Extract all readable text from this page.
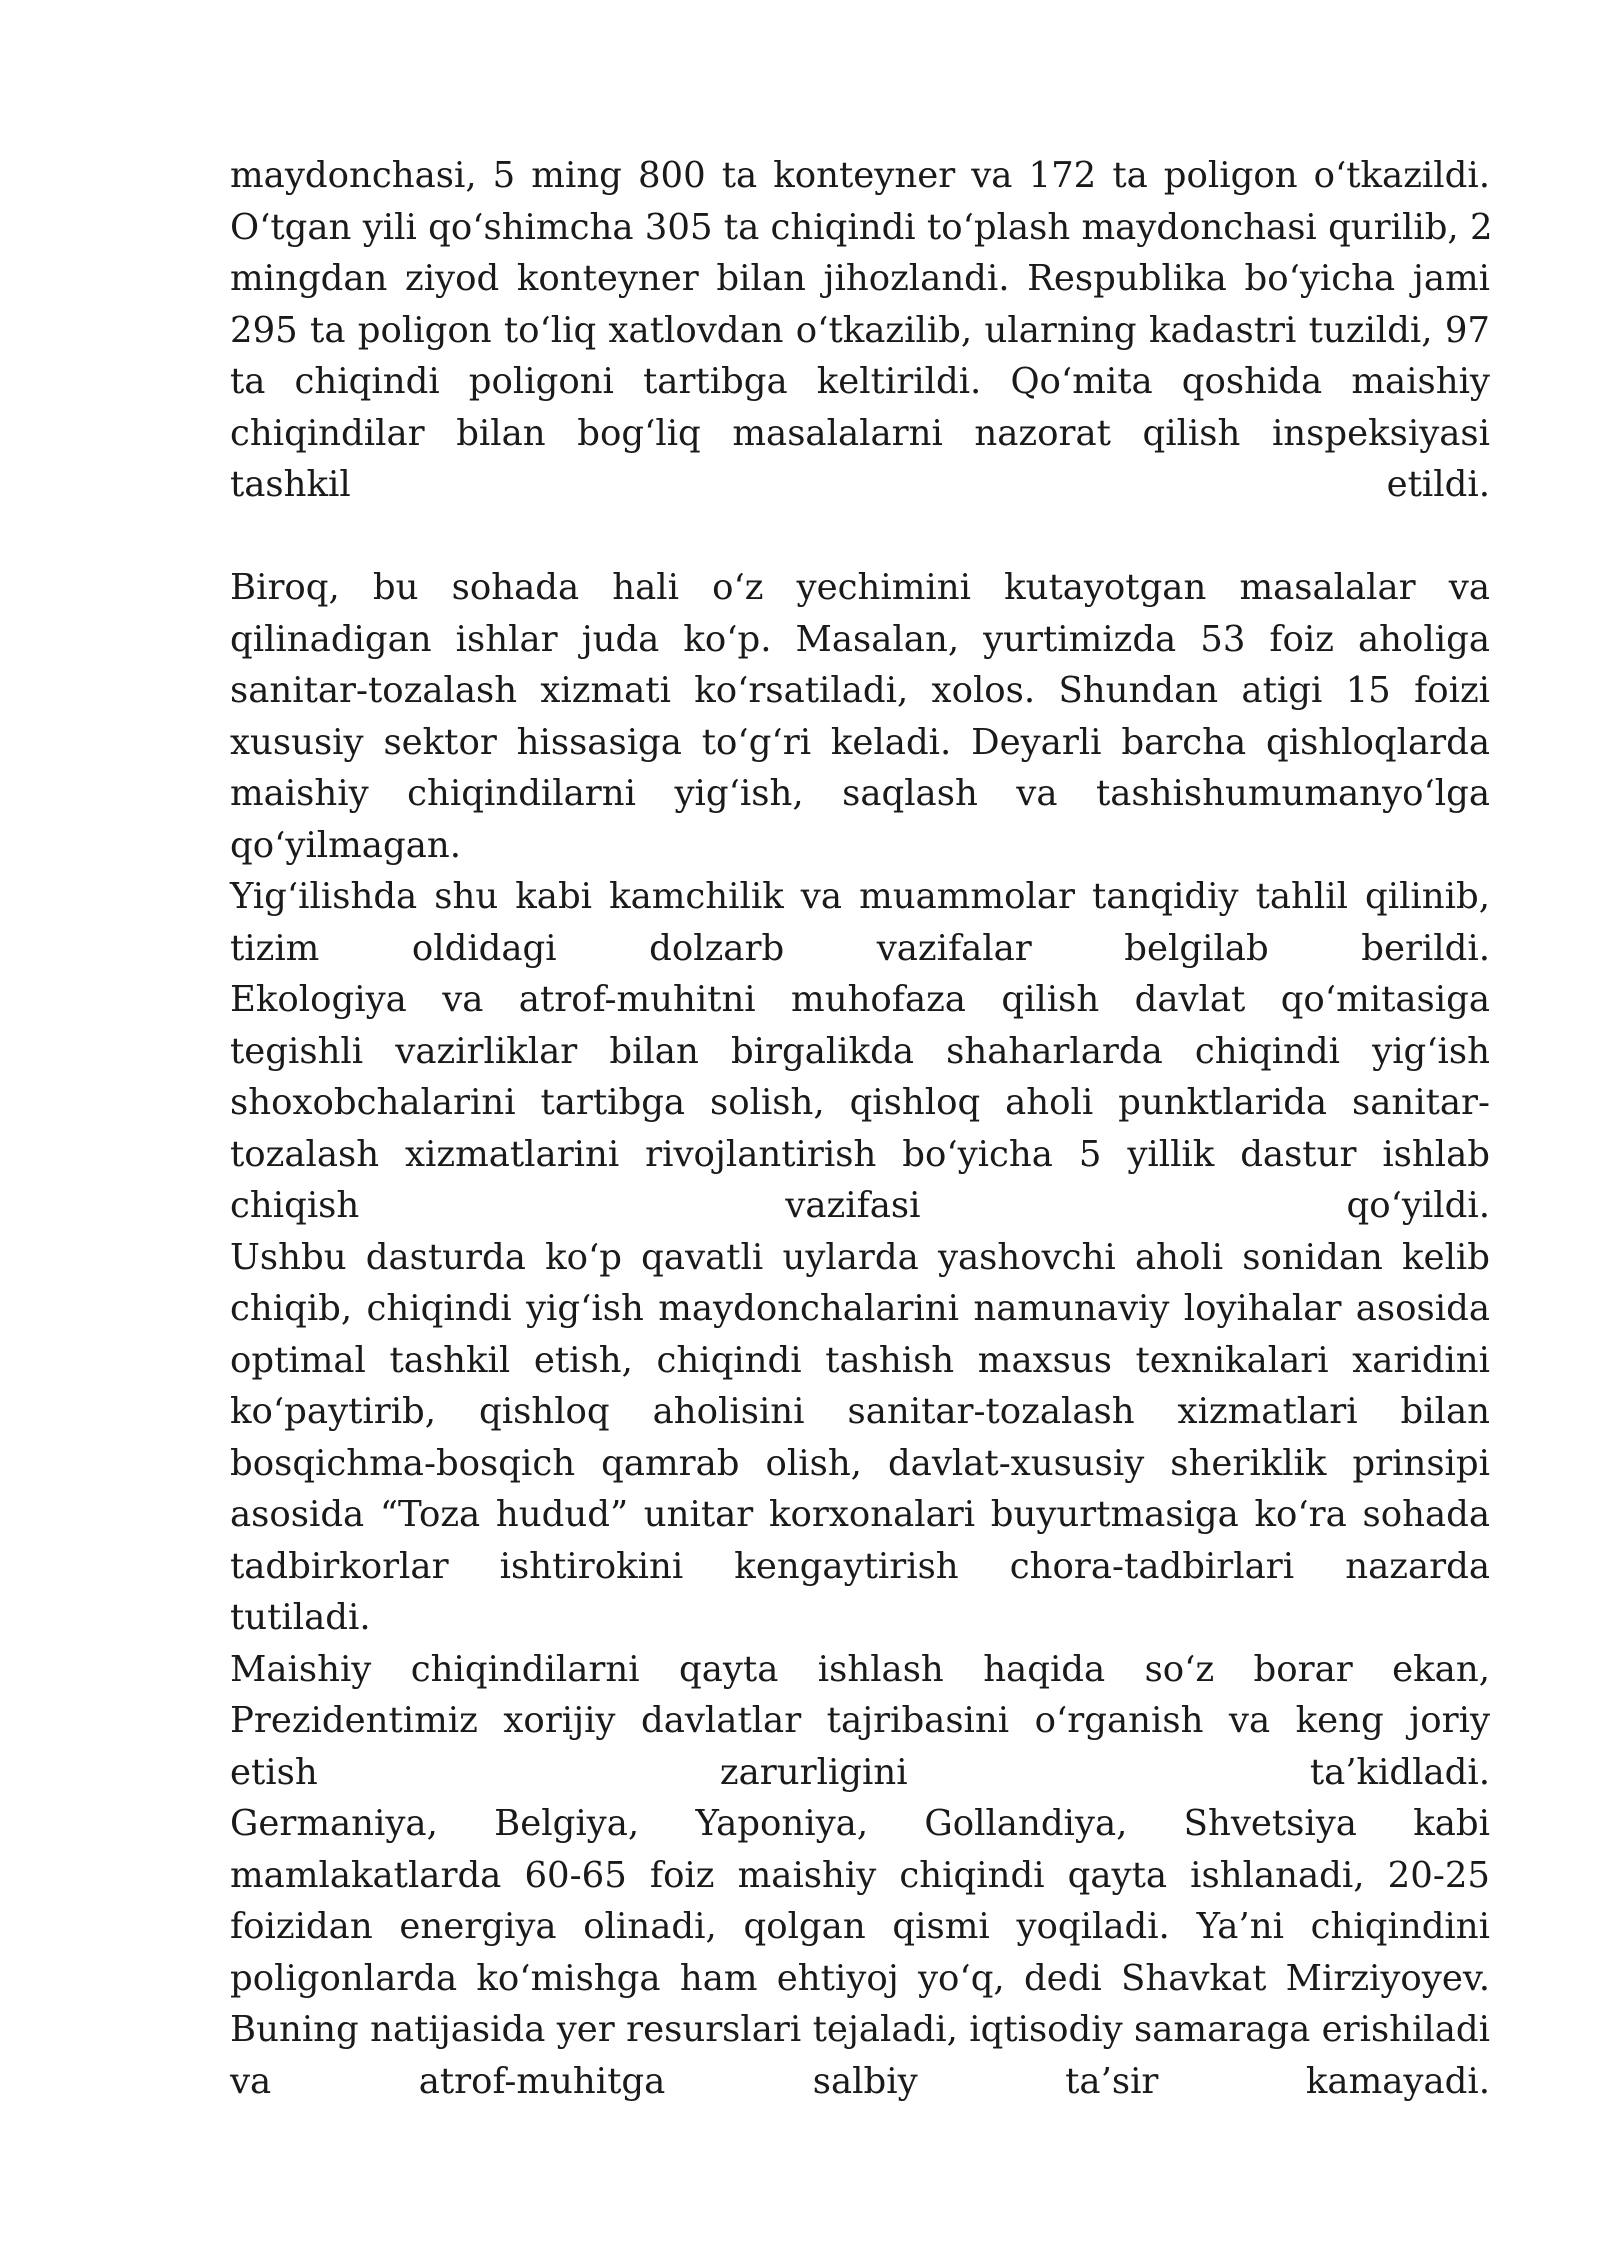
maydonchasi, 5 ming 800 ta konteyner va 172 ta poligon o‘tkazildi.
O‘tgan yili qo‘shimcha 305 ta chiqindi to‘plash maydonchasi qurilib, 2
mingdan ziyod konteyner bilan jihozlandi. Respublika bo‘yicha jami
295 ta poligon to‘liq xatlovdan o‘tkazilib, ularning kadastri tuzildi, 97
ta chiqindi poligoni tartibga keltirildi. Qo‘mita qoshida maishiy
chiqindilar bilan bog‘liq masalalarni nazorat qilish inspeksiyasi
tashkil etildi.
Biroq, bu sohada hali o‘z yechimini kutayotgan masalalar va
qilinadigan ishlar juda ko‘p. Masalan, yurtimizda 53 foiz aholiga
sanitar-tozalash xizmati ko‘rsatiladi, xolos. Shundan atigi 15 foizi
xususiy sektor hissasiga to‘g‘ri keladi. Deyarli barcha qishloqlarda
maishiy chiqindilarni yig‘ish, saqlash va tashishumumanyo‘lga
qo‘yilmagan.
Yig‘ilishda shu kabi kamchilik va muammolar tanqidiy tahlil qilinib,
tizim oldidagi dolzarb vazifalar belgilab berildi.
Ekologiya va atrof-muhitni muhofaza qilish davlat qo‘mitasiga
tegishli vazirliklar bilan birgalikda shaharlarda chiqindi yig‘ish
shoxobchalarini tartibga solish, qishloq aholi punktlarida sanitar-
tozalash xizmatlarini rivojlantirish bo‘yicha 5 yillik dastur ishlab
chiqish vazifasi qo‘yildi.
Ushbu dasturda ko‘p qavatli uylarda yashovchi aholi sonidan kelib
chiqib, chiqindi yig‘ish maydonchalarini namunaviy loyihalar asosida
optimal tashkil etish, chiqindi tashish maxsus texnikalari xaridini
ko‘paytirib, qishloq aholisini sanitar-tozalash xizmatlari bilan
bosqichma-bosqich qamrab olish, davlat-xususiy sheriklik prinsipi
asosida “Toza hudud” unitar korxonalari buyurtmasiga ko‘ra sohada
tadbirkorlar ishtirokini kengaytirish chora-tadbirlari nazarda
tutiladi.
Maishiy chiqindilarni qayta ishlash haqida so‘z borar ekan,
Prezidentimiz xorijiy davlatlar tajribasini o‘rganish va keng joriy
etish zarurligini ta’kidladi.
Germaniya, Belgiya, Yaponiya, Gollandiya, Shvetsiya kabi
mamlakatlarda 60-65 foiz maishiy chiqindi qayta ishlanadi, 20-25
foizidan energiya olinadi, qolgan qismi yoqiladi. Ya’ni chiqindini
poligonlarda ko‘mishga ham ehtiyoj yo‘q, dedi Shavkat Mirziyoyev.
Buning natijasida yer resurslari tejaladi, iqtisodiy samaraga erishiladi
va atrof-muhitga salbiy ta’sir kamayadi.
